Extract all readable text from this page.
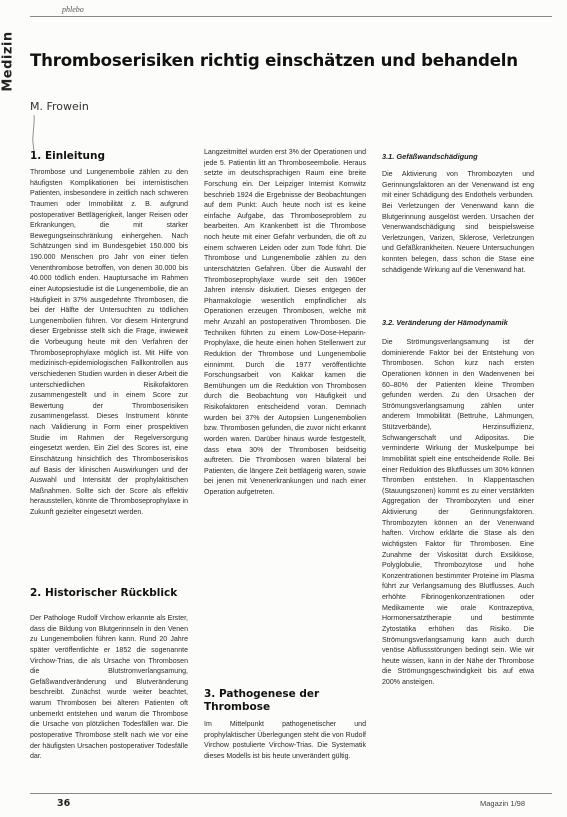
phlebo
Medizin Thromboserisiken richtig einschätzen und behandeln
M. Frowein
1. Einleitung

Thrombose und Lungenembolie zählen zu den häufigsten Komplikationen bei internistischen Patienten, insbesondere in zeitlich nach schweren Traumen oder Immobilität z. B. aufgrund postoperativer Bettlägerigkeit, langer Reisen oder Erkrankungen, die mit starker Bewegungseinschränkung einhergehen. Nach Schätzungen sind im Bundesgebiet 150.000 bis 190.000 Menschen pro Jahr von einer tiefen Venenthrombose betroffen, von denen 30.000 bis 40.000 tödlich enden. Hauptursache im Rahmen einer Autopsiestudie ist die Lungenembolie, die an Häufigkeit in 37% ausgedehnte Thrombosen, die bei der Hälfte der Untersuchten zu tödlichen Lungenembolien führen. Vor diesem Hintergrund dieser Ergebnisse stellt sich die Frage, inwieweit die Vorbeugung heute mit den Verfahren der Thromboseprophylaxe möglich ist. Mit Hilfe von medizinisch-epidemiologischen Fallkontrollen aus verschiedenen Studien wurden in dieser Arbeit die unterschiedlichen Risikofaktoren zusammengestellt und in einem Score zur Bewertung der Thromboserisiken zusammengefasst. Dieses Instrument könnte nach Validierung in Form einer prospektiven Studie im Rahmen der Regelversorgung eingesetzt werden. Ein Ziel des Scores ist, eine Einschätzung hinsichtlich des Thromboserisikos auf Basis der klinischen Auswirkungen und der Auswahl und Intensität der prophylaktischen Maßnahmen. Sollte sich der Score als effektiv herausstellen, könnte die Thromboseprophylaxe in Zukunft gezielter eingesetzt werden.

2. Historischer Rückblick

Der Pathologe Rudolf Virchow erkannte als Erster, dass die Bildung von Blutgerinnseln in den Venen zu Lungenembolien führen kann. Rund 20 Jahre später veröffentlichte er 1852 die sogenannte Virchow-Trias, die als Ursache von Thrombosen die Blutstromverlangsamung, Gefäßwandveränderung und Blutveränderung beschreibt. Zunächst wurde weiter beachtet, warum Thrombosen bei älteren Patienten oft unbemerkt entstehen und warum die Thrombose die Ursache von plötzlichen Todesfällen war. Die postoperative Thrombose stellt nach wie vor eine der häufigsten Ursachen postoperativer Todesfälle dar.

Langzeitmittel wurden erst 3% der Operationen und jede 5. Patientin litt an Thromboseembolie. Heraus setzte im deutschsprachigen Raum eine breite Forschung ein. Der Leipziger Internist Kornwitz beschrieb 1924 die Ergebnisse der Beobachtungen auf dem Punkt: Auch heute noch ist es keine einfache Aufgabe, das Thromboseproblem zu bearbeiten. Am Krankenbett ist die Thrombose noch heute mit einer Gefahr verbunden, die oft zu einem schweren Leiden oder zum Tode führt. Die Thrombose und Lungenembolie zählen zu den unterschätzten Gefahren. Über die Auswahl der Thromboseprophylaxe wurde seit den 1960er Jahren intensiv diskutiert. Dieses entgegen der Pharmakologie wesentlich empfindlicher als Operationen erzeugen Thrombosen, welche mit mehr Anzahl an postoperativen Thrombosen. Die Techniken führten zu einem Low-Dose-Heparin-Prophylaxe, die heute einen hohen Stellenwert zur Reduktion der Thrombose und Lungenembolie einnimmt. Durch die 1977 veröffentlichte Forschungsarbeit von Kakkar kamen die Bemühungen um die Reduktion von Thrombosen durch die Beobachtung von Häufigkeit und Risikofaktoren entscheidend voran. Demnach wurden bei 37% der Autopsien Lungenembolien bzw. Thrombosen gefunden, die zuvor nicht erkannt worden waren. Darüber hinaus wurde festgestellt, dass etwa 30% der Thrombosen beidseitig auftreten. Die Thrombosen waren bilateral bei Patienten, die längere Zeit bettlägerig waren, sowie bei jenen mit Venenerkrankungen und nach einer Operation aufgetreten.

3. Pathogenese der Thrombose

Im Mittelpunkt pathogenetischer und prophylaktischer Überlegungen steht die von Rudolf Virchow postulierte Virchow-Trias. Die Systematik dieses Modells ist bis heute unverändert gültig.

3.1. Gefäßwandschädigung

Die Aktivierung von Thrombozyten und Gerinnungsfaktoren an der Venenwand ist eng mit einer Schädigung des Endothels verbunden. Bei Verletzungen der Venenwand kann die Blutgerinnung ausgelöst werden. Ursachen der Venenwandschädigung sind beispielsweise Verletzungen, Varizen, Sklerose, Verletzungen und Gefäßkrankheiten. Neuere Untersuchungen konnten belegen, dass schon die Stase eine schädigende Wirkung auf die Venenwand hat.

3.2. Veränderung der Hämodynamik

Die Strömungsverlangsamung ist der dominierende Faktor bei der Entstehung von Thrombosen. Schon kurz nach ersten Operationen können in den Wadenvenen bei 60–80% der Patienten kleine Thromben gefunden werden. Zu den Ursachen der Strömungsverlangsamung zählen unter anderem Immobilität (Bettruhe, Lähmungen, Stützverbände), Herzinsuffizienz, Schwangerschaft und Adipositas. Die verminderte Wirkung der Muskelpumpe bei Immobilität spielt eine entscheidende Rolle. Bei einer Reduktion des Blutflusses um 30% können Thromben entstehen. In Klappentaschen (Stauungszonen) kommt es zu einer verstärkten Aggregation der Thrombozyten und einer Aktivierung der Gerinnungsfaktoren. Thrombozyten können an der Venenwand haften. Virchow erklärte die Stase als den wichtigsten Faktor für Thrombosen. Eine Zunahme der Viskosität durch Exsikkose, Polyglobulie, Thrombozytose und hohe Konzentrationen bestimmter Proteine im Plasma führt zur Verlangsamung des Blutflusses. Auch erhöhte Fibrinogenkonzentrationen oder Medikamente wie orale Kontrazeptiva, Hormonersatztherapie und bestimmte Zytostatika erhöhen das Risiko. Die Strömungsverlangsamung kann auch durch venöse Abflussstörungen bedingt sein. Wie wir heute wissen, kann in der Nähe der Thrombose die Strömungsgeschwindigkeit bis auf etwa 200% ansteigen.

36	Magazin 1/98
